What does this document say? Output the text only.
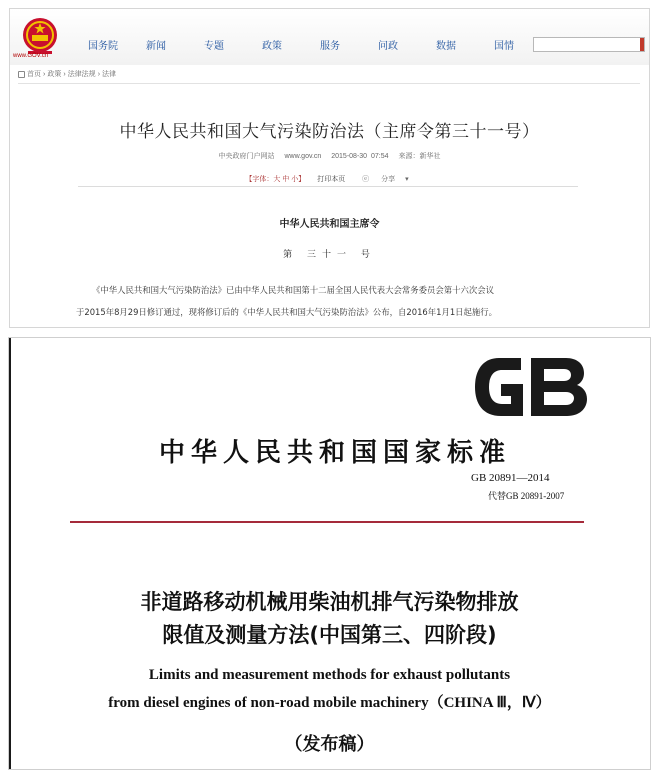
www.GOV.cn
国务院	新闻	专题	政策	服务	问政	数据	国情
首页 › 政策 › 法律法规 › 法律
中华人民共和国大气污染防治法（主席令第三十一号）
中央政府门户网站 www.gov.cn 2015-08-30 07:54 来源：新华社
【字体：大 中 小】 打印本页 ⓔ 分享 ▾
中华人民共和国主席令
第 三十一 号
《中华人民共和国大气污染防治法》已由中华人民共和国第十二届全国人民代表大会常务委员会第十六次会议
于2015年8月29日修订通过，现将修订后的《中华人民共和国大气污染防治法》公布，自2016年1月1日起施行。
GB
中华人民共和国国家标准
GB 20891—2014
代替GB 20891-2007
非道路移动机械用柴油机排气污染物排放
限值及测量方法(中国第三、四阶段)
Limits and measurement methods for exhaust pollutants
from diesel engines of non-road mobile machinery（CHINA Ⅲ，Ⅳ）
（发布稿）
